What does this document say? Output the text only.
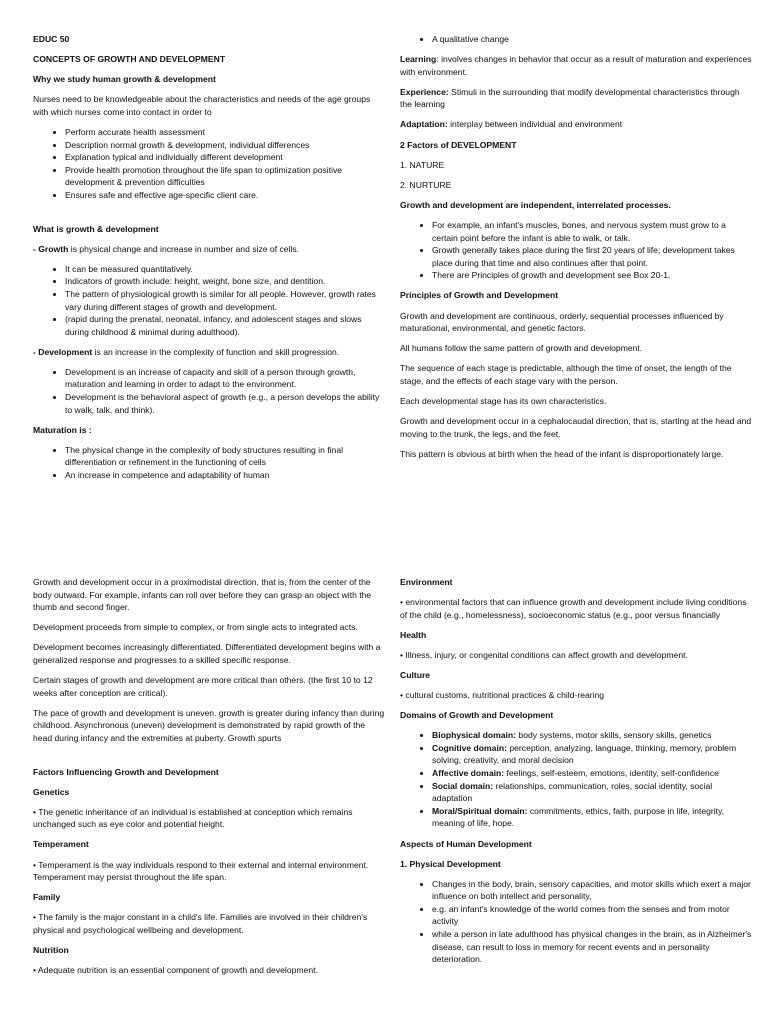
EDUC 50

CONCEPTS OF GROWTH AND DEVELOPMENT

Why we study human growth & development

Nurses need to be knowledgeable about the characteristics and needs of the age groups with which nurses come into contact in order to

• Perform accurate health assessment
• Description normal growth & development, individual differences
• Explanation typical and individually different development
• Provide health promotion throughout the life span to optimization positive development & prevention difficulties
• Ensures safe and effective age-specific client care.

What is growth & development

- Growth is physical change and increase in number and size of cells.

• It can be measured quantitatively.
• Indicators of growth include: height, weight, bone size, and dentition.
• The pattern of physiological growth is similar for all people. However, growth rates vary during different stages of growth and development.
• (rapid during the prenatal, neonatal, infancy, and adolescent stages and slows during childhood & minimal during adulthood).

- Development is an increase in the complexity of function and skill progression.

• Development is an increase of capacity and skill of a person through growth, maturation and learning in order to adapt to the environment.
• Development is the behavioral aspect of growth (e.g., a person develops the ability to walk, talk, and think).

Maturation is :

• The physical change in the complexity of body structures resulting in final differentiation or refinement in the functioning of cells
• An increase in competence and adaptability of human
• A qualitative change

Learning: involves changes in behavior that occur as a result of maturation and experiences with environment.

Experience: Stimuli in the surrounding that modify developmental characteristics through the learning

Adaptation: interplay between individual and environment

2 Factors of DEVELOPMENT

1. NATURE

2. NURTURE

Growth and development are independent, interrelated processes.

• For example, an infant's muscles, bones, and nervous system must grow to a certain point before the infant is able to walk, or talk.
• Growth generally takes place during the first 20 years of life; development takes place during that time and also continues after that point.
• There are Principles of growth and development see Box 20-1.

Principles of Growth and Development

Growth and development are continuous, orderly, sequential processes influenced by maturational, environmental, and genetic factors.

All humans follow the same pattern of growth and development.

The sequence of each stage is predictable, although the time of onset, the length of the stage, and the effects of each stage vary with the person.

Each developmental stage has its own characteristics.

Growth and development occur in a cephalocaudal direction, that is, starting at the head and moving to the trunk, the legs, and the feet.

This pattern is obvious at birth when the head of the infant is disproportionately large.

Growth and development occur in a proximodistal direction, that is, from the center of the body outward. For example, infants can roll over before they can grasp an object with the thumb and second finger.

Development proceeds from simple to complex, or from single acts to integrated acts.

Development becomes increasingly differentiated. Differentiated development begins with a generalized response and progresses to a skilled specific response.

Certain stages of growth and development are more critical than others. (the first 10 to 12 weeks after conception are critical).

The pace of growth and development is uneven. growth is greater during infancy than during childhood. Asynchronous (uneven) development is demonstrated by rapid growth of the head during infancy and the extremities at puberty. Growth spurts

Factors Influencing Growth and Development

Genetics

• The genetic inheritance of an individual is established at conception which remains unchanged such as eye color and potential height.

Temperament

• Temperament is the way individuals respond to their external and internal environment. Temperament may persist throughout the life span.

Family

• The family is the major constant in a child's life. Families are involved in their children's physical and psychological wellbeing and development.

Nutrition

• Adequate nutrition is an essential component of growth and development.

Environment

• environmental factors that can influence growth and development include living conditions of the child (e.g., homelessness), socioeconomic status (e.g., poor versus financially

Health

• Illness, injury, or congenital conditions can affect growth and development.

Culture

• cultural customs, nutritional practices & child-rearing

Domains of Growth and Development

• Biophysical domain: body systems, motor skills, sensory skills, genetics
• Cognitive domain: perception, analyzing, language, thinking, memory, problem solving, creativity, and moral decision
• Affective domain: feelings, self-esteem, emotions, identity, self-confidence
• Social domain: relationships, communication, roles, social identity, social adaptation
• Moral/Spiritual domain: commitments, ethics, faith, purpose in life, integrity, meaning of life, hope.

Aspects of Human Development

1. Physical Development

• Changes in the body, brain, sensory capacities, and motor skills which exert a major influence on both intellect and personality,
• e.g. an infant's knowledge of the world comes from the senses and from motor activity
• while a person in late adulthood has physical changes in the brain, as in Alzheimer's disease, can result to loss in memory for recent events and in personality deterioration.
